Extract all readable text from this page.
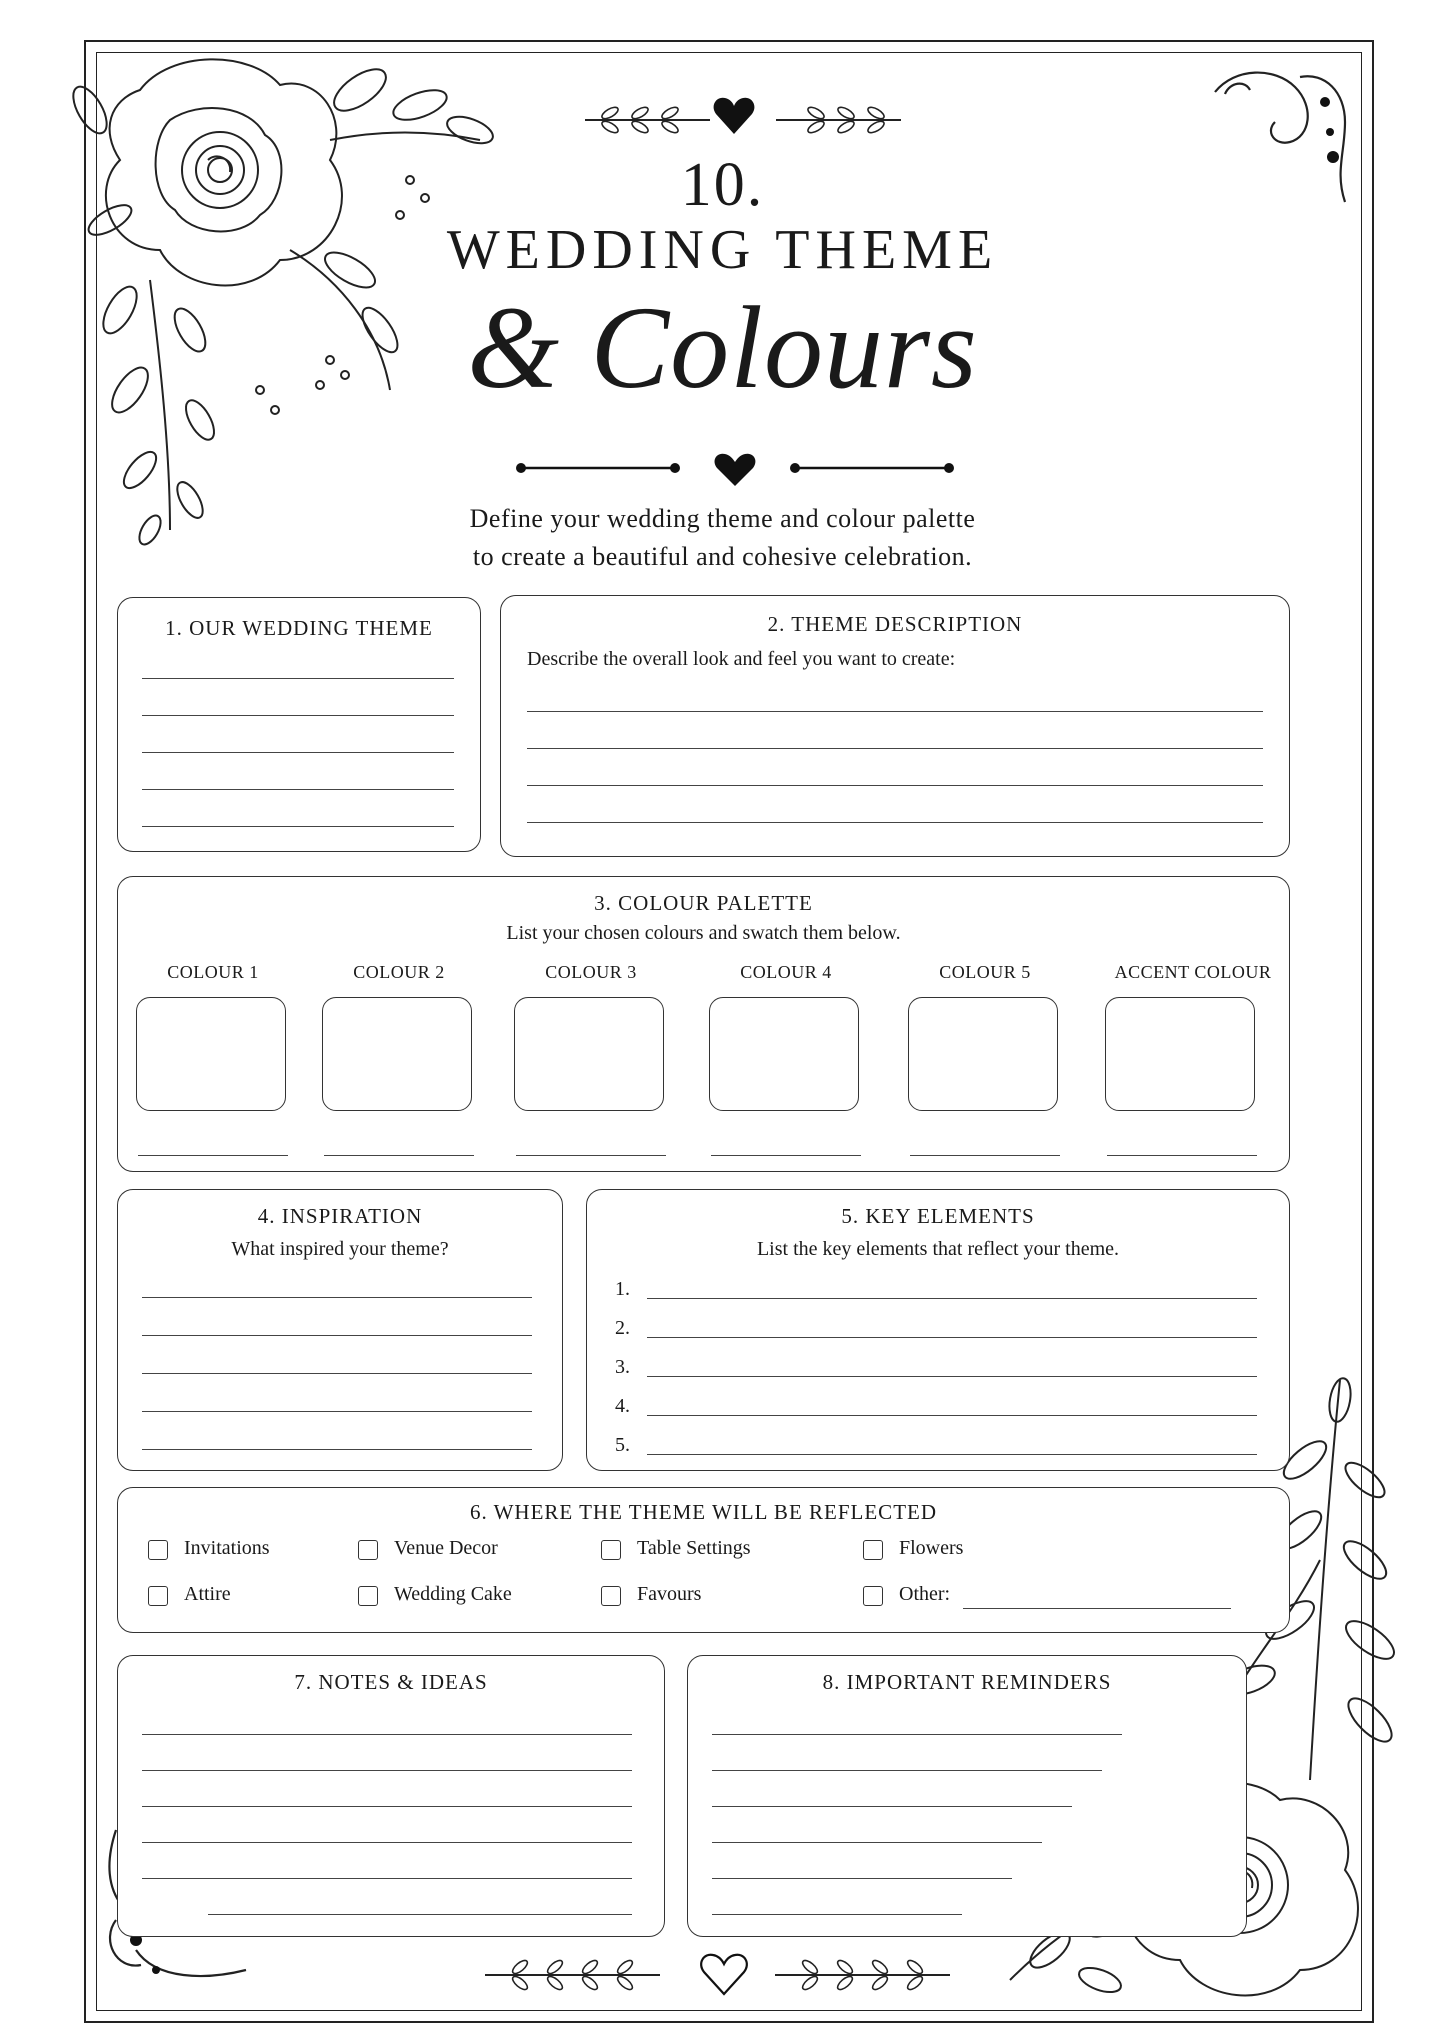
10.
WEDDING THEME
& Colours
Define your wedding theme and colour palette
to create a beautiful and cohesive celebration.
1. OUR WEDDING THEME	2. THEME DESCRIPTION
Describe the overall look and feel you want to create:
3. COLOUR PALETTE
List your chosen colours and swatch them below.
COLOUR 1	COLOUR 2	COLOUR 3	COLOUR 4	COLOUR 5	ACCENT COLOUR
4. INSPIRATION
What inspired your theme?
5. KEY ELEMENTS
List the key elements that reflect your theme.
1.
2.
3.
4.
5.
6. WHERE THE THEME WILL BE REFLECTED
Invitations	Venue Decor	Table Settings	Flowers
Attire	Wedding Cake	Favours	Other:
7. NOTES & IDEAS	8. IMPORTANT REMINDERS
